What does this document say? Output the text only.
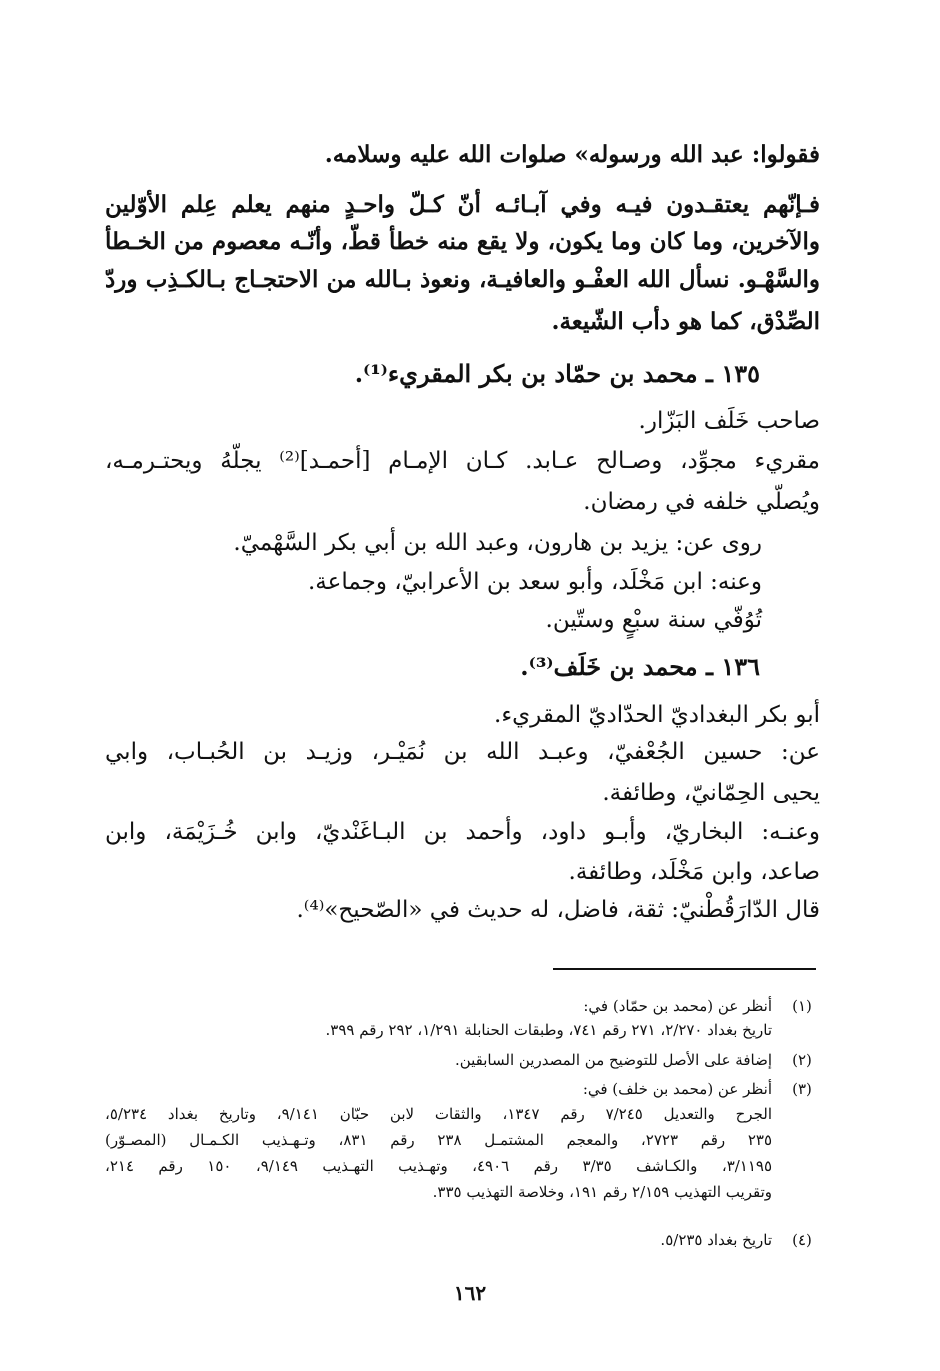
فقولوا: عبد الله ورسوله» صلوات الله عليه وسلامه.
فـإنّهم يعتقـدون فيـه وفي آبـائـه أنّ كـلّ واحـدٍ منهم يعلم عِلم الأوّلين
والآخرين، وما كان وما يكون، ولا يقع منه خطأ قطّ، وأنّـه معصوم من الخـطأ
والسَّهْـو. نسأل الله العفْـو والعافيـة، ونعوذ بـالله من الاحتجـاج بـالكـذِب وردّ
الصِّدْق، كما هو دأب الشّيعة.
١٣٥ ـ محمد بن حمّاد بن بكر المقريء⁽¹⁾.
صاحب خَلَف البَزّار.
مقريء مجوِّد، وصـالح عـابد. كـان الإمـام [أحمـد]⁽²⁾ يجلّهُ ويحتـرمـه،
ويُصلّي خلفه في رمضان.
روى عن: يزيد بن هارون، وعبد الله بن أبي بكر السَّهْميّ.
وعنه: ابن مَخْلَد، وأبو سعد بن الأعرابيّ، وجماعة.
تُوُفّي سنة سبْعٍ وستّين.
١٣٦ ـ محمد بن خَلَف⁽³⁾.
أبو بكر البغداديّ الحدّاديّ المقريء.
عن: حسين الجُعْفيّ، وعبـد الله بن نُمَيْـر، وزيـد بن الحُبـاب، وابي
يحيى الحِمّانيّ، وطائفة.
وعنـه: البخاريّ، وأبـو داود، وأحمد بن البـاغَنْديّ، وابن خُـزَيْمَة، وابن
صاعد، وابن مَخْلَد، وطائفة.
قال الدّارَقُطْنيّ: ثقة، فاضل، له حديث في «الصّحيح»⁽⁴⁾.
(١)
أنظر عن (محمد بن حمّاد) في:
تاريخ بغداد ٢/٢٧٠، ٢٧١ رقم ٧٤١، وطبقات الحنابلة ١/٢٩١، ٢٩٢ رقم ٣٩٩.
(٢)
إضافة على الأصل للتوضيح من المصدرين السابقين.
(٣)
أنظر عن (محمد بن خلف) في:
الجرح والتعديل ٧/٢٤٥ رقم ١٣٤٧، والثقات لابن حبّان ٩/١٤١، وتاريخ بغداد ٥/٢٣٤،
٢٣٥ رقم ٢٧٢٣، والمعجم المشتمـل ٢٣٨ رقم ٨٣١، وتـهـذيب الكـمـال (المصـوّر)
٣/١١٩٥، والكـاشف ٣/٣٥ رقم ٤٩٠٦، وتهـذيب التهـذيب ٩/١٤٩، ١٥٠ رقم ٢١٤،
وتقريب التهذيب ٢/١٥٩ رقم ١٩١، وخلاصة التهذيب ٣٣٥.
(٤)
تاريخ بغداد ٥/٢٣٥.
١٦٢
